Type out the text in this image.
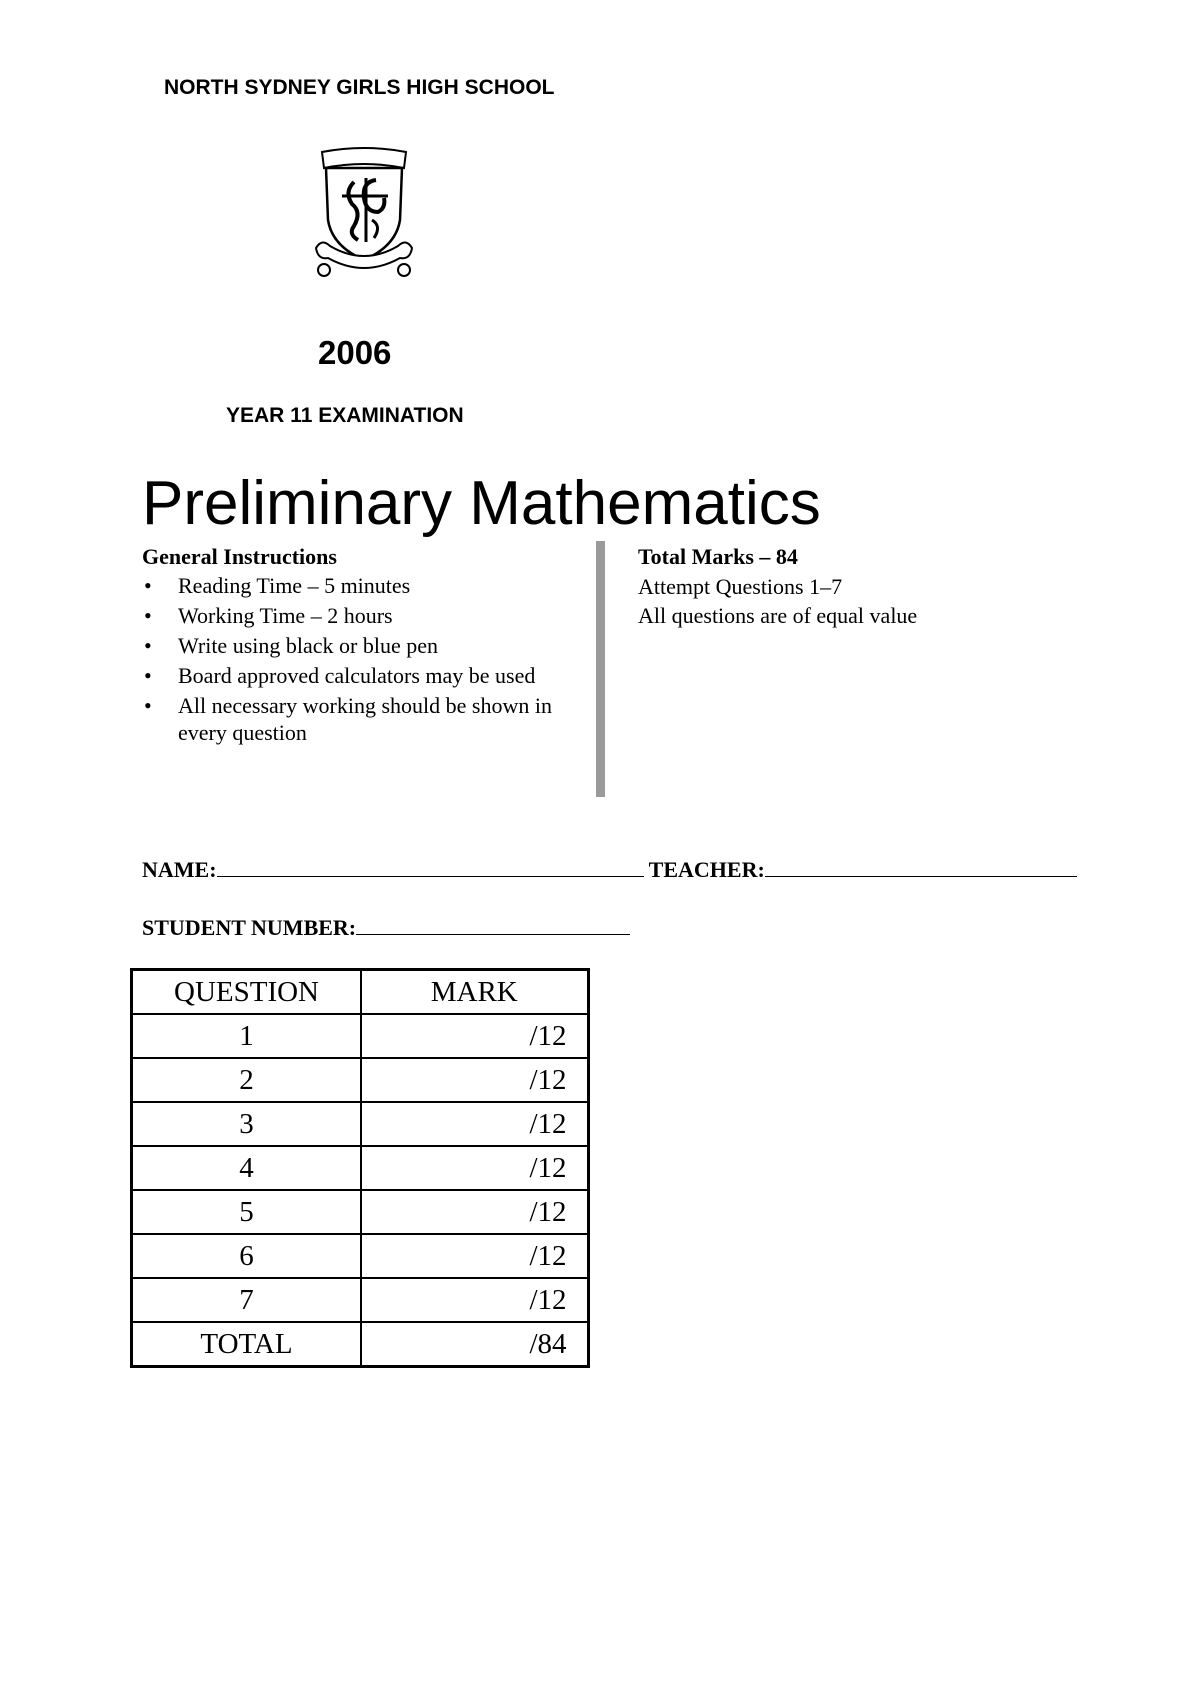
NORTH SYDNEY GIRLS HIGH SCHOOL
2006
YEAR 11 EXAMINATION
Preliminary Mathematics
General Instructions
• Reading Time – 5 minutes
• Working Time – 2 hours
• Write using black or blue pen
• Board approved calculators may be used
• All necessary working should be shown in every question
Total Marks – 84

Attempt Questions 1–7

All questions are of equal value

NAME:	TEACHER:
STUDENT NUMBER:
QUESTION	MARK
1	/12
2	/12
3	/12
4	/12
5	/12
6	/12
7	/12
TOTAL	/84
